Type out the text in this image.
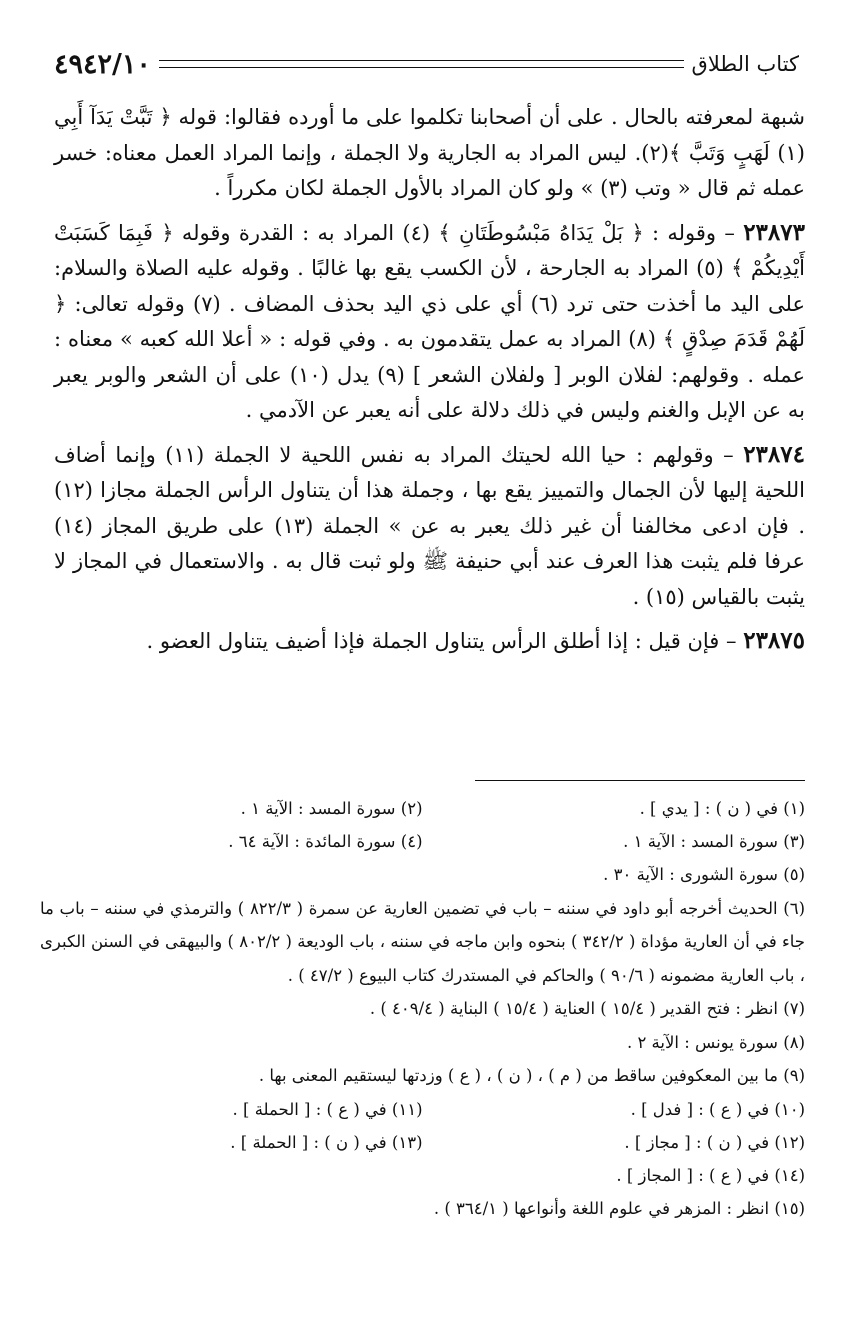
٤٩٤٢/١٠	كتاب الطلاق

شبهة لمعرفته بالحال . على أن أصحابنا تكلموا على ما أورده فقالوا: قوله ﴿ تَبَّتْ يَدَآ أَبِي (١) لَهَبٍ وَتَبَّ ﴾(٢). ليس المراد به الجارية ولا الجملة ، وإنما المراد العمل معناه: خسر عمله ثم قال « وتب (٣) » ولو كان المراد بالأول الجملة لكان مكرراً .

٢٣٨٧٣ – وقوله : ﴿ بَلْ يَدَاهُ مَبْسُوطَتَانِ ﴾ (٤) المراد به : القدرة وقوله ﴿ فَبِمَا كَسَبَتْ أَيْدِيكُمْ ﴾ (٥) المراد به الجارحة ، لأن الكسب يقع بها غالبًا . وقوله عليه الصلاة والسلام: على اليد ما أخذت حتى ترد (٦) أي على ذي اليد بحذف المضاف . (٧) وقوله تعالى: ﴿ لَهُمْ قَدَمَ صِدْقٍ ﴾ (٨) المراد به عمل يتقدمون به . وفي قوله : « أعلا الله كعبه » معناه : عمله . وقولهم: لفلان الوبر [ ولفلان الشعر ] (٩) يدل (١٠) على أن الشعر والوبر يعبر به عن الإبل والغنم وليس في ذلك دلالة على أنه يعبر عن الآدمي .

٢٣٨٧٤ – وقولهم : حيا الله لحيتك المراد به نفس اللحية لا الجملة (١١) وإنما أضاف اللحية إليها لأن الجمال والتمييز يقع بها ، وجملة هذا أن يتناول الرأس الجملة مجازا (١٢) . فإن ادعى مخالفنا أن غير ذلك يعبر به عن » الجملة (١٣) على طريق المجاز (١٤) عرفا فلم يثبت هذا العرف عند أبي حنيفة ﷺ ولو ثبت قال به . والاستعمال في المجاز لا يثبت بالقياس (١٥) .

٢٣٨٧٥ – فإن قيل : إذا أطلق الرأس يتناول الجملة فإذا أضيف يتناول العضو .

(١) في ( ن ) : [ يدي ] .
(٢) سورة المسد : الآية ١ .
(٣) سورة المسد : الآية ١ .
(٤) سورة المائدة : الآية ٦٤ .
(٥) سورة الشورى : الآية ٣٠ .
(٦) الحديث أخرجه أبو داود في سننه – باب في تضمين العارية عن سمرة ( ٨٢٢/٣ ) والترمذي في سننه – باب ما جاء في أن العارية مؤداة ( ٣٤٢/٢ ) بنحوه وابن ماجه في سننه ، باب الوديعة ( ٨٠٢/٢ ) والبيهقى في السنن الكبرى ، باب العارية مضمونه ( ٩٠/٦ ) والحاكم في المستدرك كتاب البيوع ( ٤٧/٢ ) .
(٧) انظر : فتح القدير ( ١٥/٤ ) العناية ( ١٥/٤ ) البناية ( ٤٠٩/٤ ) .
(٨) سورة يونس : الآية ٢ .
(٩) ما بين المعكوفين ساقط من ( م ) ، ( ن ) ، ( ع ) وزدتها ليستقيم المعنى بها .
(١٠) في ( ع ) : [ فدل ] .
(١١) في ( ع ) : [ الحملة ] .
(١٢) في ( ن ) : [ مجاز ] .
(١٣) في ( ن ) : [ الحملة ] .
(١٤) في ( ع ) : [ المجاز ] .
(١٥) انظر : المزهر في علوم اللغة وأنواعها ( ٣٦٤/١ ) .
